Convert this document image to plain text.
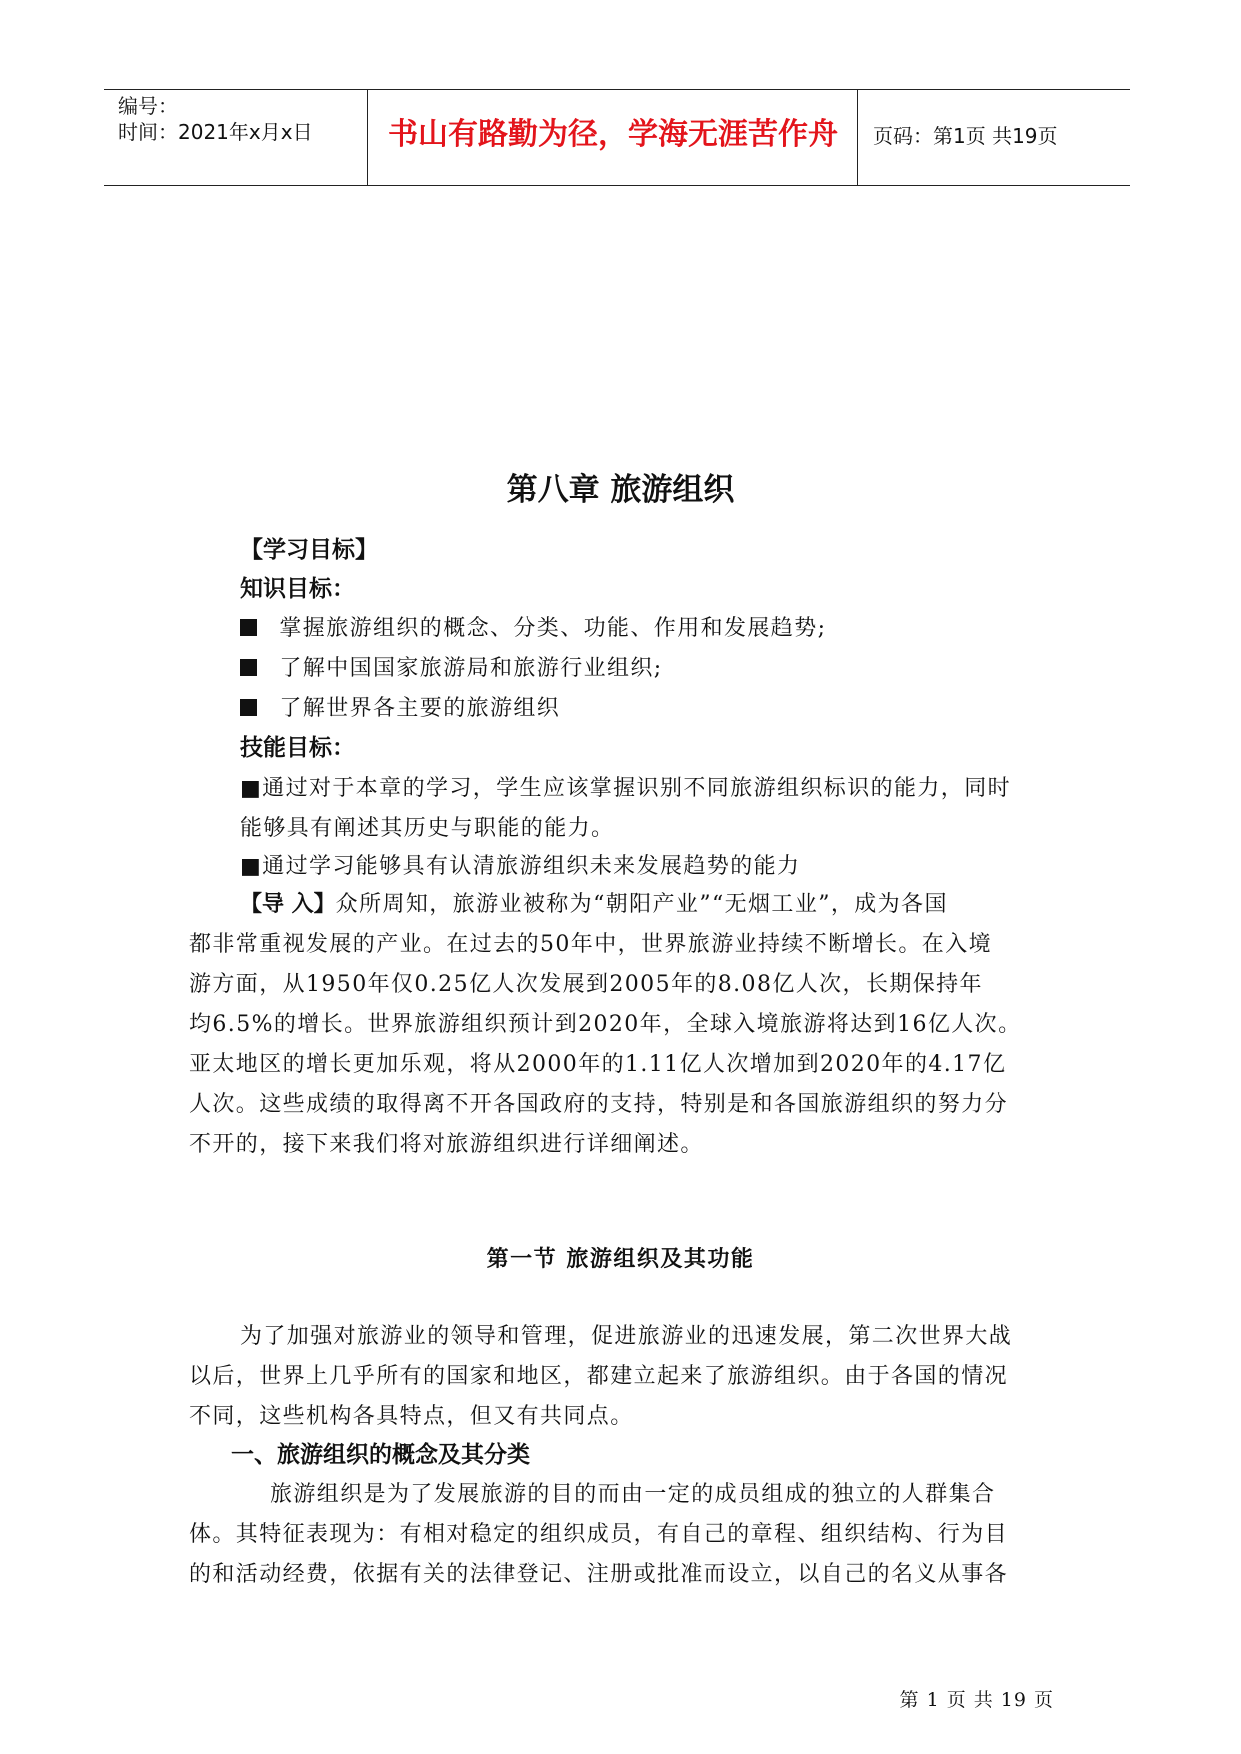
编号：
时间：2021年x月x日	书山有路勤为径，学海无涯苦作舟	页码：第1页 共19页
第八章 旅游组织
【学习目标】
知识目标：
掌握旅游组织的概念、分类、功能、作用和发展趋势;
了解中国国家旅游局和旅游行业组织;
了解世界各主要的旅游组织
技能目标：
■通过对于本章的学习，学生应该掌握识别不同旅游组织标识的能力，同时
能够具有阐述其历史与职能的能力。
■通过学习能够具有认清旅游组织未来发展趋势的能力
【导 入】众所周知，旅游业被称为“朝阳产业”“无烟工业”，成为各国
都非常重视发展的产业。在过去的50年中，世界旅游业持续不断增长。在入境
游方面，从1950年仅0.25亿人次发展到2005年的8.08亿人次，长期保持年
均6.5%的增长。世界旅游组织预计到2020年，全球入境旅游将达到16亿人次。
亚太地区的增长更加乐观，将从2000年的1.11亿人次增加到2020年的4.17亿
人次。这些成绩的取得离不开各国政府的支持，特别是和各国旅游组织的努力分
不开的，接下来我们将对旅游组织进行详细阐述。
第一节 旅游组织及其功能
为了加强对旅游业的领导和管理，促进旅游业的迅速发展，第二次世界大战
以后，世界上几乎所有的国家和地区，都建立起来了旅游组织。由于各国的情况
不同，这些机构各具特点，但又有共同点。
一、旅游组织的概念及其分类
旅游组织是为了发展旅游的目的而由一定的成员组成的独立的人群集合
体。其特征表现为：有相对稳定的组织成员，有自己的章程、组织结构、行为目
的和活动经费，依据有关的法律登记、注册或批准而设立，以自己的名义从事各
第 1 页 共 19 页
